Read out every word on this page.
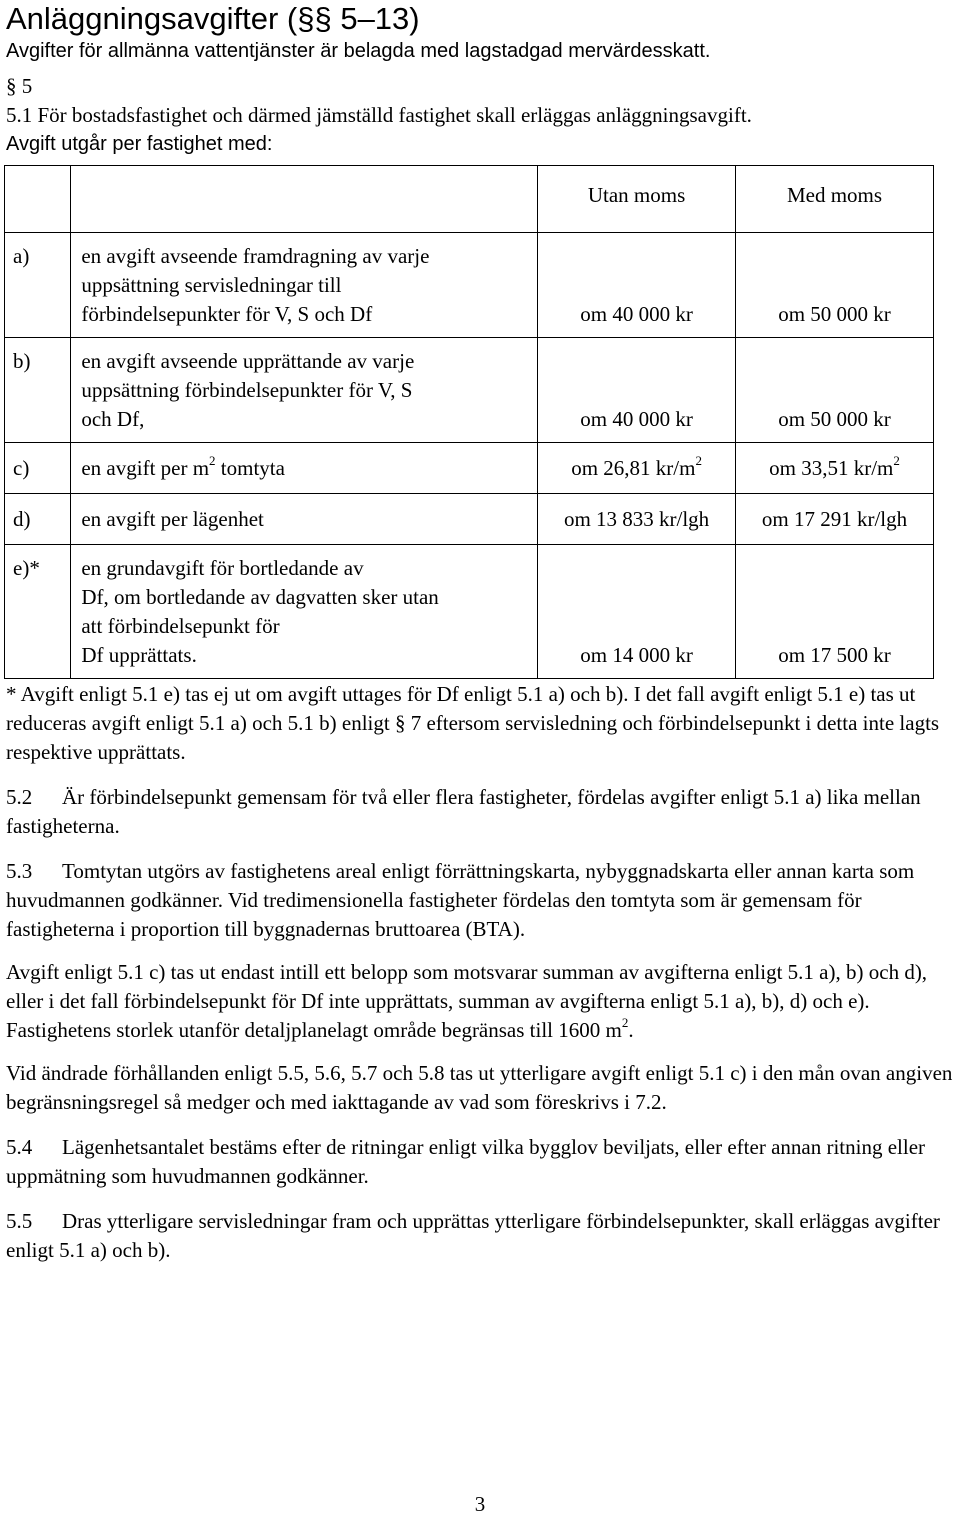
Anläggningsavgifter (§§ 5–13)

Avgifter för allmänna vattentjänster är belagda med lagstadgad mervärdesskatt.

§ 5

5.1 För bostadsfastighet och därmed jämställd fastighet skall erläggas anläggningsavgift.

Avgift utgår per fastighet med:

		Utan moms	Med moms
a)	en avgift avseende framdragning av varje
uppsättning servisledningar till
förbindelsepunkter för V, S och Df	om 40 000 kr	om 50 000 kr
b)	en avgift avseende upprättande av varje
uppsättning förbindelsepunkter för V, S
och Df,	om 40 000 kr	om 50 000 kr
c)	en avgift per $m^2$ tomtyta	om 26,81 $kr/m^2$	om 33,51 $kr/m^2$
d)	en avgift per lägenhet	om 13 833 kr/lgh	om 17 291 kr/lgh
e)*	en grundavgift för bortledande av
Df, om bortledande av dagvatten sker utan
att förbindelsepunkt för
Df upprättats.	om 14 000 kr	om 17 500 kr

* Avgift enligt 5.1 e) tas ej ut om avgift uttages för Df enligt 5.1 a) och b). I det fall avgift enligt 5.1 e) tas ut reduceras avgift enligt 5.1 a) och 5.1 b) enligt § 7 eftersom servisledning och förbindelsepunkt i detta inte lagts respektive upprättats.

5.2 Är förbindelsepunkt gemensam för två eller flera fastigheter, fördelas avgifter enligt 5.1 a) lika mellan fastigheterna.

5.3 Tomtytan utgörs av fastighetens areal enligt förrättningskarta, nybyggnadskarta eller annan karta som huvudmannen godkänner. Vid tredimensionella fastigheter fördelas den tomtyta som är gemensam för fastigheterna i proportion till byggnadernas bruttoarea (BTA).

Avgift enligt 5.1 c) tas ut endast intill ett belopp som motsvarar summan av avgifterna enligt 5.1 a), b) och d), eller i det fall förbindelsepunkt för Df inte upprättats, summan av avgifterna enligt 5.1 a), b), d) och e). Fastighetens storlek utanför detaljplanelagt område begränsas till 1600 $m^2$.

Vid ändrade förhållanden enligt 5.5, 5.6, 5.7 och 5.8 tas ut ytterligare avgift enligt 5.1 c) i den mån ovan angiven begränsningsregel så medger och med iakttagande av vad som föreskrivs i 7.2.

5.4 Lägenhetsantalet bestäms efter de ritningar enligt vilka bygglov beviljats, eller efter annan ritning eller uppmätning som huvudmannen godkänner.

5.5 Dras ytterligare servisledningar fram och upprättas ytterligare förbindelsepunkter, skall erläggas avgifter enligt 5.1 a) och b).

3
